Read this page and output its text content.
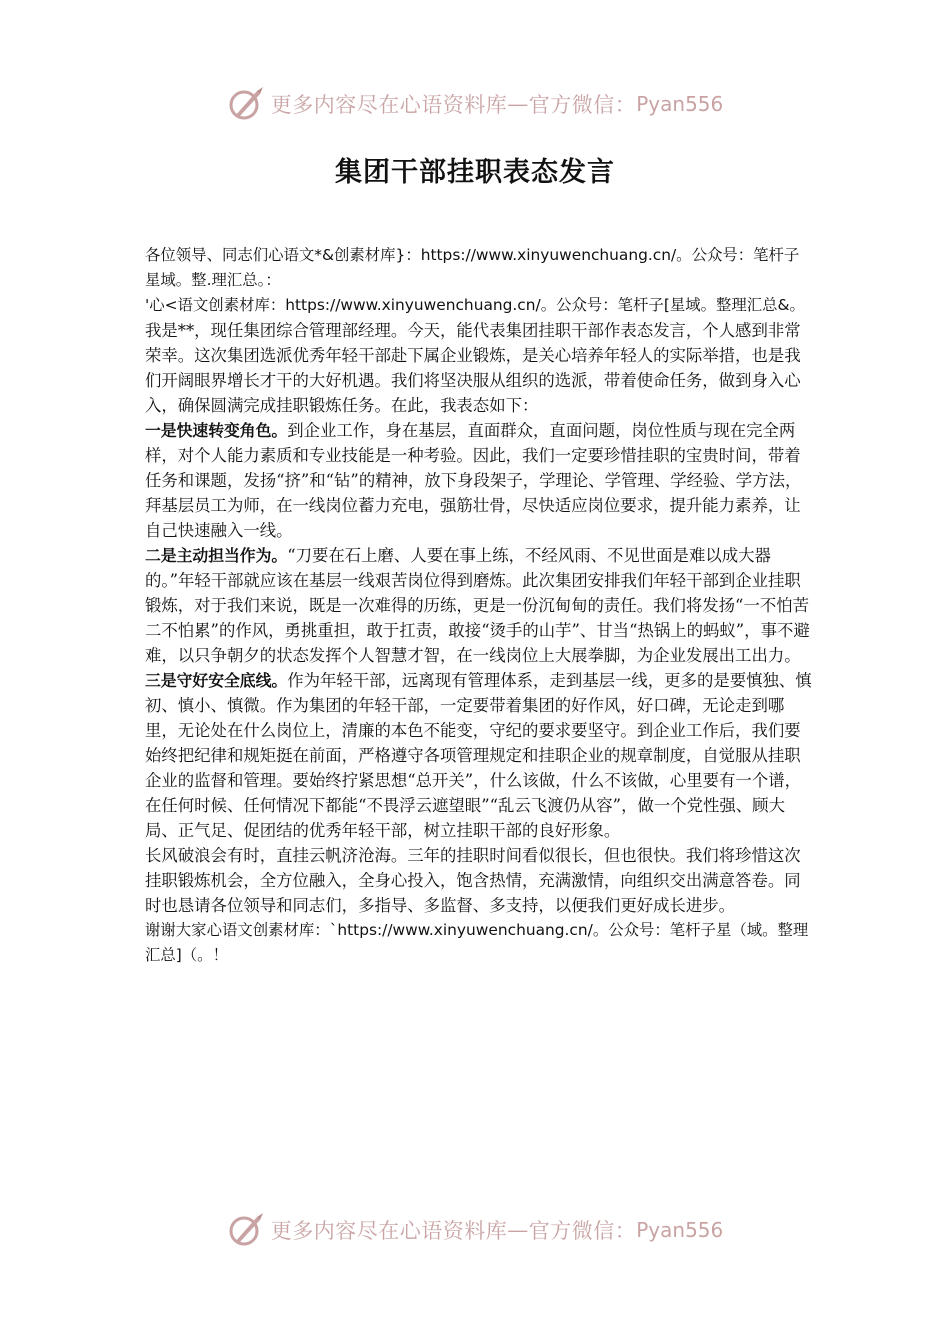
更多内容尽在心语资料库 — 官方微信： Pyan556
集团干部挂职表态发言

各位领导、同志们心语文*&创素材库}：https://www.xinyuwenchuang.cn/。公众号：笔杆子星域。整.理汇总。：

'心<语文创素材库：https://www.xinyuwenchuang.cn/。公众号：笔杆子[星域。整理汇总&。

我是**，现任集团综合管理部经理。今天，能代表集团挂职干部作表态发言，个人感到非常荣幸。这次集团选派优秀年轻干部赴下属企业锻炼，是关心培养年轻人的实际举措，也是我们开阔眼界增长才干的大好机遇。我们将坚决服从组织的选派，带着使命任务，做到身入心入，确保圆满完成挂职锻炼任务。在此，我表态如下：

一是快速转变角色。到企业工作，身在基层，直面群众，直面问题，岗位性质与现在完全两样，对个人能力素质和专业技能是一种考验。因此，我们一定要珍惜挂职的宝贵时间，带着任务和课题，发扬“挤”和“钻”的精神，放下身段架子，学理论、学管理、学经验、学方法，拜基层员工为师，在一线岗位蓄力充电，强筋壮骨，尽快适应岗位要求，提升能力素养，让自己快速融入一线。

二是主动担当作为。“刀要在石上磨、人要在事上练，不经风雨、不见世面是难以成大器的。”年轻干部就应该在基层一线艰苦岗位得到磨炼。此次集团安排我们年轻干部到企业挂职锻炼，对于我们来说，既是一次难得的历练，更是一份沉甸甸的责任。我们将发扬“一不怕苦二不怕累”的作风，勇挑重担，敢于扛责，敢接“烫手的山芋”、甘当“热锅上的蚂蚁”，事不避难，以只争朝夕的状态发挥个人智慧才智，在一线岗位上大展拳脚，为企业发展出工出力。

三是守好安全底线。作为年轻干部，远离现有管理体系，走到基层一线，更多的是要慎独、慎初、慎小、慎微。作为集团的年轻干部，一定要带着集团的好作风，好口碑，无论走到哪里，无论处在什么岗位上，清廉的本色不能变，守纪的要求要坚守。到企业工作后，我们要始终把纪律和规矩挺在前面，严格遵守各项管理规定和挂职企业的规章制度，自觉服从挂职企业的监督和管理。要始终拧紧思想“总开关”，什么该做，什么不该做，心里要有一个谱，在任何时候、任何情况下都能“不畏浮云遮望眼”“乱云飞渡仍从容”，做一个党性强、顾大局、正气足、促团结的优秀年轻干部，树立挂职干部的良好形象。

长风破浪会有时，直挂云帆济沧海。三年的挂职时间看似很长，但也很快。我们将珍惜这次挂职锻炼机会，全方位融入，全身心投入，饱含热情，充满激情，向组织交出满意答卷。同时也恳请各位领导和同志们，多指导、多监督、多支持，以便我们更好成长进步。

谢谢大家心语文创素材库：`https://www.xinyuwenchuang.cn/。公众号：笔杆子星（域。整理汇总]（。！

更多内容尽在心语资料库 — 官方微信： Pyan556
